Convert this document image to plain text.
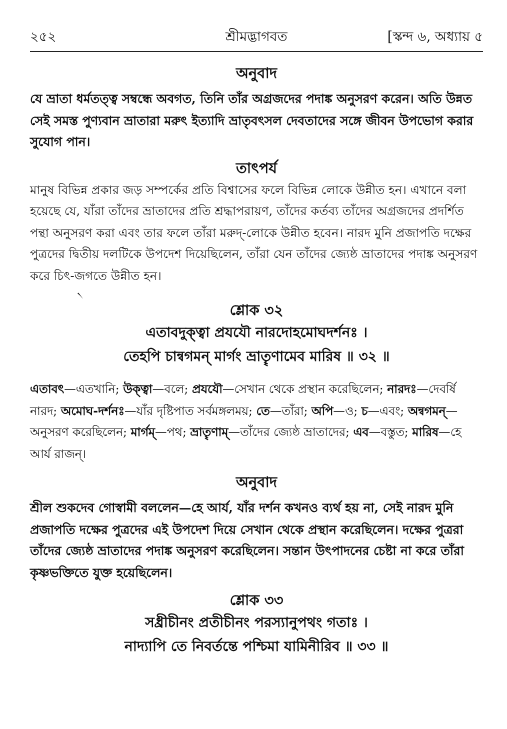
২৫২	শ্রীমদ্ভাগবত	[স্কন্দ ৬, অধ্যায় ৫
অনুবাদ

যে ভ্রাতা ধর্মতত্ত্ব সম্বন্ধে অবগত, তিনি তাঁর অগ্রজদের পদাঙ্ক অনুসরণ করেন। অতি উন্নত সেই সমস্ত পুণ্যবান ভ্রাতারা মরুৎ ইত্যাদি ভ্রাতৃবৎসল দেবতাদের সঙ্গে জীবন উপভোগ করার সুযোগ পান।

তাৎপর্য

মানুষ বিভিন্ন প্রকার জড় সম্পর্কের প্রতি বিশ্বাসের ফলে বিভিন্ন লোকে উন্নীত হন। এখানে বলা হয়েছে যে, যাঁরা তাঁদের ভ্রাতাদের প্রতি শ্রদ্ধাপরায়ণ, তাঁদের কর্তব্য তাঁদের অগ্রজদের প্রদর্শিত পন্থা অনুসরণ করা এবং তার ফলে তাঁরা মরুদ্-লোকে উন্নীত হবেন। নারদ মুনি প্রজাপতি দক্ষের পুত্রদের দ্বিতীয় দলটিকে উপদেশ দিয়েছিলেন, তাঁরা যেন তাঁদের জ্যেষ্ঠ ভ্রাতাদের পদাঙ্ক অনুসরণ করে চিৎ-জগতে উন্নীত হন।

৲
শ্লোক ৩২
এতাবদুক্ত্বা প্রযযৌ নারদোহমোঘদর্শনঃ ।
তেহপি চান্বগমন্ মার্গং ভ্রাতৄণামেব মারিষ ॥ ৩২ ॥

এতাবৎ—এতখানি; উক্ত্বা—বলে; প্রযযৌ—সেখান থেকে প্রস্থান করেছিলেন; নারদঃ—দেবর্ষি নারদ; অমোঘ-দর্শনঃ—যাঁর দৃষ্টিপাত সর্বমঙ্গলময়; তে—তাঁরা; অপি—ও; চ—এবং; অন্বগমন্—অনুসরণ করেছিলেন; মার্গম্—পথ; ভ্রাতৄণাম্—তাঁদের জ্যেষ্ঠ ভ্রাতাদের; এব—বস্তুত; মারিষ—হে আর্য রাজন্।

অনুবাদ

শ্রীল শুকদেব গোস্বামী বললেন—হে আর্য, যাঁর দর্শন কখনও ব্যর্থ হয় না, সেই নারদ মুনি প্রজাপতি দক্ষের পুত্রদের এই উপদেশ দিয়ে সেখান থেকে প্রস্থান করেছিলেন। দক্ষের পুত্ররা তাঁদের জ্যেষ্ঠ ভ্রাতাদের পদাঙ্ক অনুসরণ করেছিলেন। সন্তান উৎপাদনের চেষ্টা না করে তাঁরা কৃষ্ণভক্তিতে যুক্ত হয়েছিলেন।

শ্লোক ৩৩
সধ্রীচীনং প্রতীচীনং পরস্যানুপথং গতাঃ ।
নাদ্যাপি তে নিবর্তন্তে পশ্চিমা যামিনীরিব ॥ ৩৩ ॥
